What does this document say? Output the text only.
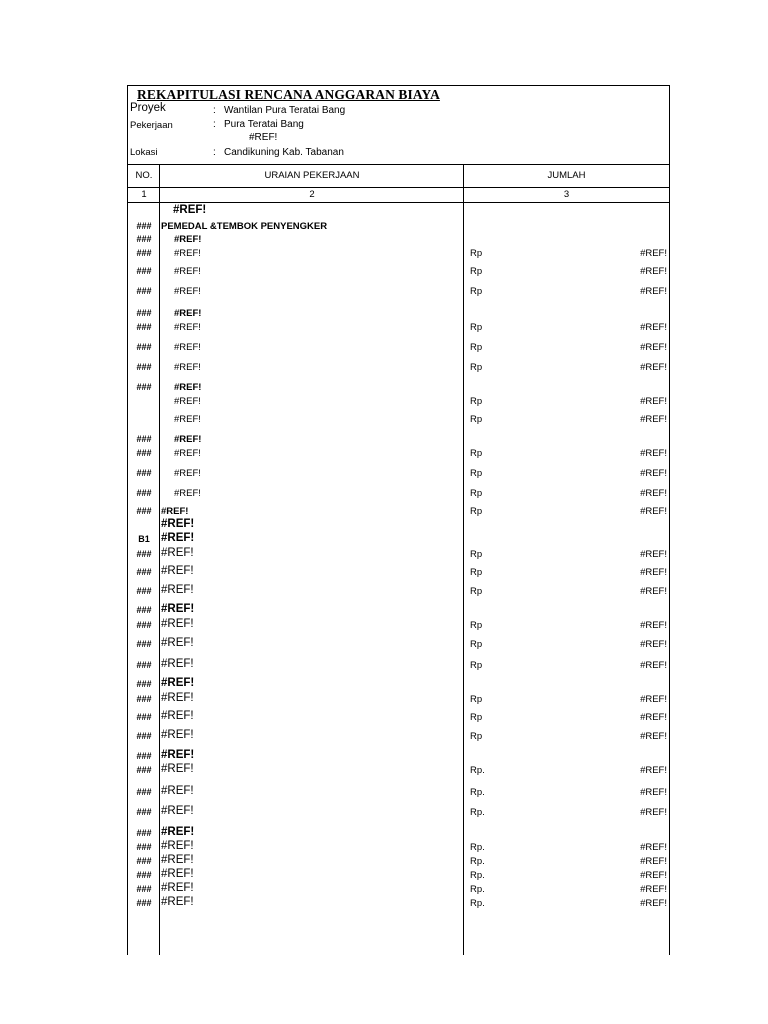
REKAPITULASI RENCANA ANGGARAN BIAYA
Proyek	: Wantilan Pura Teratai Bang
Pekerjaan	: Pura Teratai Bang
#REF!
Lokasi	: Candikuning Kab. Tabanan
NO.	URAIAN PEKERJAAN	JUMLAH
1	2	3
#REF!
### PEMEDAL &TEMBOK PENYENGKER
###	#REF!
###	#REF!	Rp	#REF!
###	#REF!	Rp	#REF!
###	#REF!	Rp	#REF!
###	#REF!
###	#REF!	Rp	#REF!
###	#REF!	Rp	#REF!
###	#REF!	Rp	#REF!
###	#REF!
#REF!	Rp	#REF!
#REF!	Rp	#REF!
###	#REF!
###	#REF!	Rp	#REF!
###	#REF!	Rp	#REF!
###	#REF!	Rp	#REF!
### #REF!	Rp	#REF!
#REF!
B1 #REF!
### #REF!	Rp	#REF!
### #REF!	Rp	#REF!
### #REF!	Rp	#REF!
### #REF!
### #REF!	Rp	#REF!
### #REF!	Rp	#REF!
### #REF!	Rp	#REF!
### #REF!
### #REF!	Rp	#REF!
### #REF!	Rp	#REF!
### #REF!	Rp	#REF!
### #REF!
### #REF!	Rp.	#REF!
### #REF!	Rp.	#REF!
### #REF!	Rp.	#REF!
### #REF!
### #REF!	Rp.	#REF!
### #REF!	Rp.	#REF!
### #REF!	Rp.	#REF!
### #REF!	Rp.	#REF!
### #REF!	Rp.	#REF!
